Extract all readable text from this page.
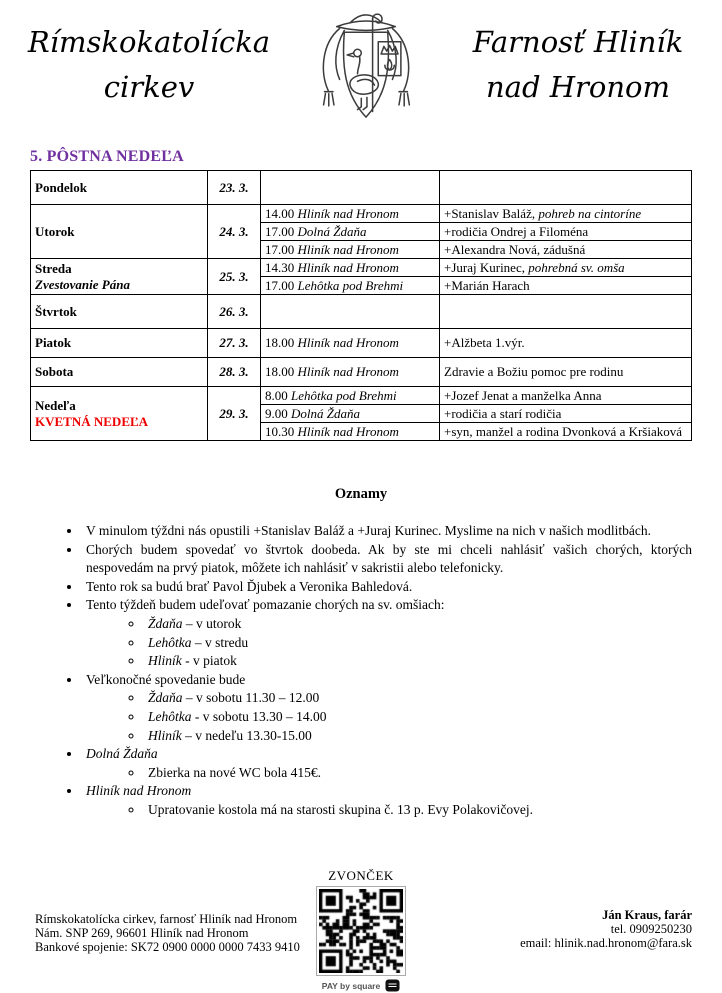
Rímskokatolícka
cirkev
Farnosť Hliník
nad Hronom
5. PÔSTNA NEDEĽA
Pondelok	23. 3.		

Utorok	24. 3.	14.00 Hliník nad Hronom	+Stanislav Baláž, pohreb na cintoríne
		17.00 Dolná Ždaňa	+rodičia Ondrej a Filoména
		17.00 Hliník nad Hronom	+Alexandra Nová, zádušná

Streda
Zvestovanie Pána	25. 3.	14.30 Hliník nad Hronom	+Juraj Kurinec, pohrebná sv. omša
		17.00 Lehôtka pod Brehmi	+Marián Harach

Štvrtok	26. 3.		

Piatok	27. 3.	18.00 Hliník nad Hronom	+Alžbeta 1.výr.

Sobota	28. 3.	18.00 Hliník nad Hronom	Zdravie a Božiu pomoc pre rodinu

Nedeľa
KVETNÁ NEDEĽA	29. 3.	8.00 Lehôtka pod Brehmi	+Jozef Jenat a manželka Anna
		9.00 Dolná Ždaňa	+rodičia a starí rodičia
		10.30 Hliník nad Hronom	+syn, manžel a rodina Dvonková a Kršiaková
Oznamy
• V minulom týždni nás opustili +Stanislav Baláž a +Juraj Kurinec. Myslime na nich v našich modlitbách.
• Chorých budem spovedať vo štvrtok doobeda. Ak by ste mi chceli nahlásiť vašich chorých, ktorých nespovedám na prvý piatok, môžete ich nahlásiť v sakristii alebo telefonicky.
• Tento rok sa budú brať Pavol Ďjubek a Veronika Bahledová.
• Tento týždeň budem udeľovať pomazanie chorých na sv. omšiach:
◦ Ždaňa – v utorok
◦ Lehôtka – v stredu
◦ Hliník - v piatok
• Veľkonočné spovedanie bude
◦ Ždaňa – v sobotu 11.30 – 12.00
◦ Lehôtka - v sobotu 13.30 – 14.00
◦ Hliník – v nedeľu 13.30-15.00
• Dolná Ždaňa
◦ Zbierka na nové WC bola 415€.
• Hliník nad Hronom
◦ Upratovanie kostola má na starosti skupina č. 13 p. Evy Polakovičovej.
Rímskokatolícka cirkev, farnosť Hliník nad Hronom
Nám. SNP 269, 96601 Hliník nad Hronom
Bankové spojenie: SK72 0900 0000 0000 7433 9410
ZVONČEK
PAY by square
Ján Kraus, farár
tel. 0909250230
email: hlinik.nad.hronom@fara.sk
